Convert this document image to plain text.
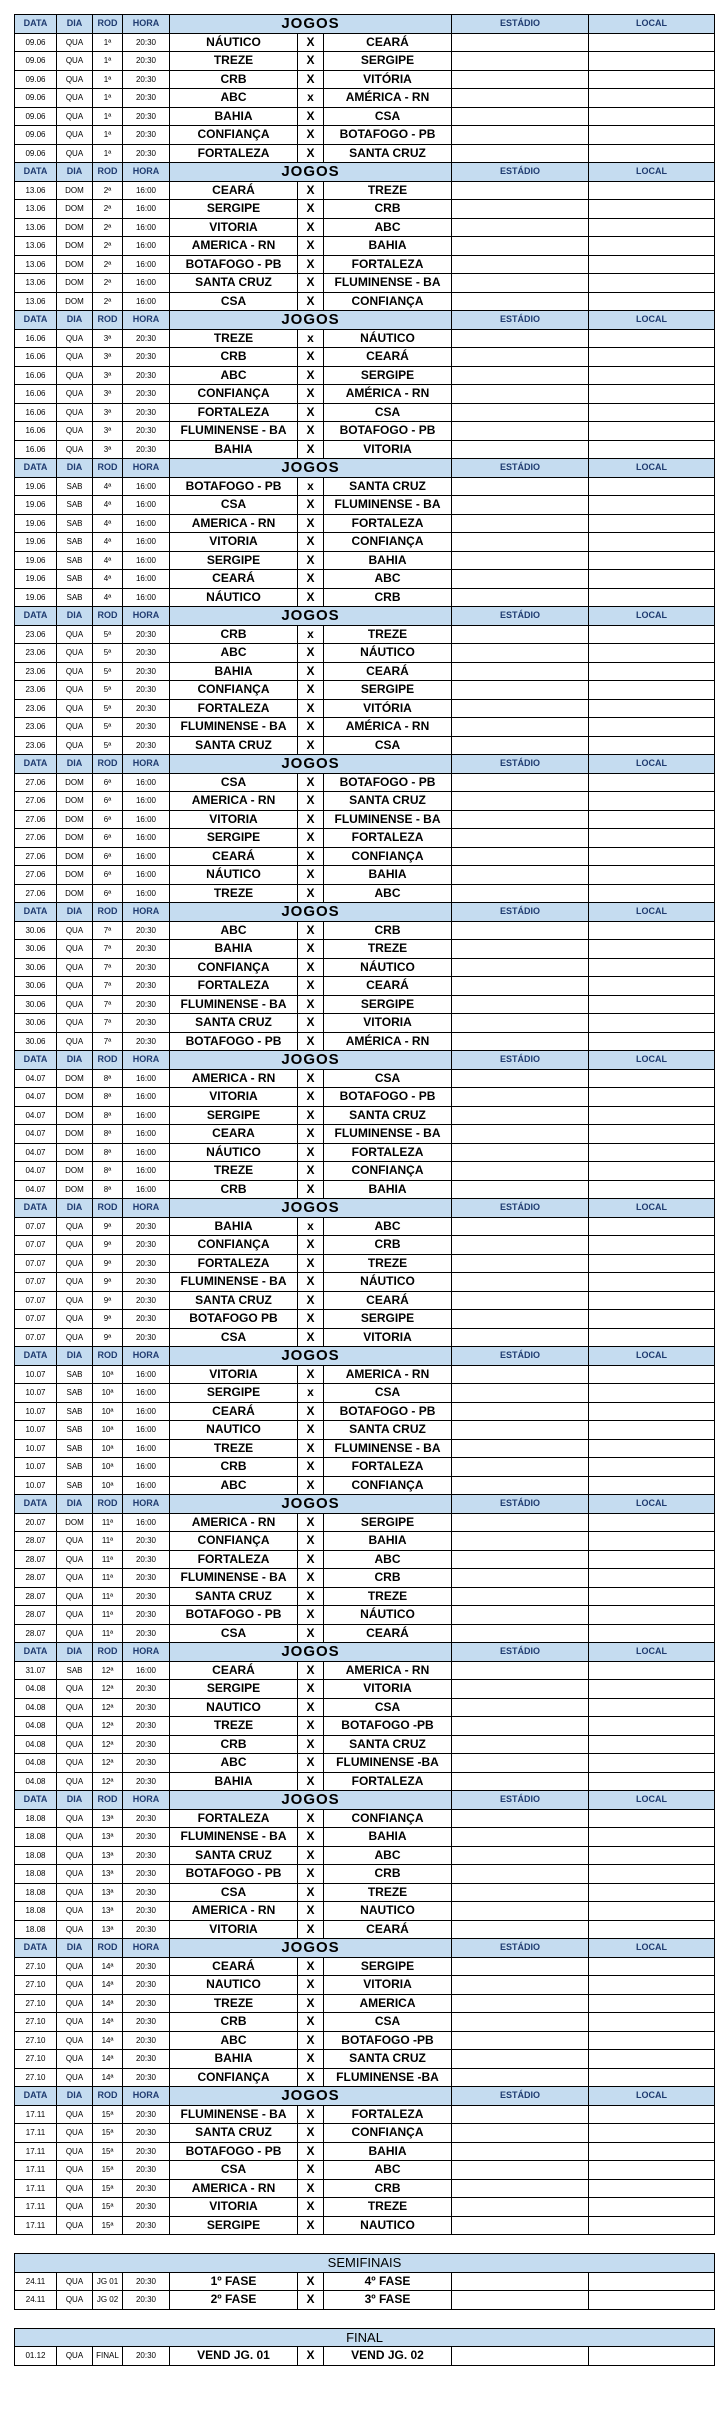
DATA	DIA	ROD	HORA	JOGOS			ESTÁDIO	LOCAL
09.06	QUA	1ª	20:30	NÁUTICO	X	CEARÁ		
09.06	QUA	1ª	20:30	TREZE	X	SERGIPE		
09.06	QUA	1ª	20:30	CRB	X	VITÓRIA		
09.06	QUA	1ª	20:30	ABC	x	AMÉRICA - RN		
09.06	QUA	1ª	20:30	BAHIA	X	CSA		
09.06	QUA	1ª	20:30	CONFIANÇA	X	BOTAFOGO - PB		
09.06	QUA	1ª	20:30	FORTALEZA	X	SANTA CRUZ		
DATA	DIA	ROD	HORA	JOGOS			ESTÁDIO	LOCAL
13.06	DOM	2ª	16:00	CEARÁ	X	TREZE		
13.06	DOM	2ª	16:00	SERGIPE	X	CRB		
13.06	DOM	2ª	16:00	VITORIA	X	ABC		
13.06	DOM	2ª	16:00	AMERICA - RN	X	BAHIA		
13.06	DOM	2ª	16:00	BOTAFOGO - PB	X	FORTALEZA		
13.06	DOM	2ª	16:00	SANTA CRUZ	X	FLUMINENSE - BA		
13.06	DOM	2ª	16:00	CSA	X	CONFIANÇA		
DATA	DIA	ROD	HORA	JOGOS			ESTÁDIO	LOCAL
16.06	QUA	3ª	20:30	TREZE	x	NÁUTICO		
16.06	QUA	3ª	20:30	CRB	X	CEARÁ		
16.06	QUA	3ª	20:30	ABC	X	SERGIPE		
16.06	QUA	3ª	20:30	CONFIANÇA	X	AMÉRICA - RN		
16.06	QUA	3ª	20:30	FORTALEZA	X	CSA		
16.06	QUA	3ª	20:30	FLUMINENSE - BA	X	BOTAFOGO - PB		
16.06	QUA	3ª	20:30	BAHIA	X	VITORIA		
DATA	DIA	ROD	HORA	JOGOS			ESTÁDIO	LOCAL
19.06	SAB	4ª	16:00	BOTAFOGO - PB	x	SANTA CRUZ		
19.06	SAB	4ª	16:00	CSA	X	FLUMINENSE - BA		
19.06	SAB	4ª	16:00	AMERICA - RN	X	FORTALEZA		
19.06	SAB	4ª	16:00	VITORIA	X	CONFIANÇA		
19.06	SAB	4ª	16:00	SERGIPE	X	BAHIA		
19.06	SAB	4ª	16:00	CEARÁ	X	ABC		
19.06	SAB	4ª	16:00	NÁUTICO	X	CRB		
DATA	DIA	ROD	HORA	JOGOS			ESTÁDIO	LOCAL
23.06	QUA	5ª	20:30	CRB	x	TREZE		
23.06	QUA	5ª	20:30	ABC	X	NÁUTICO		
23.06	QUA	5ª	20:30	BAHIA	X	CEARÁ		
23.06	QUA	5ª	20:30	CONFIANÇA	X	SERGIPE		
23.06	QUA	5ª	20:30	FORTALEZA	X	VITÓRIA		
23.06	QUA	5ª	20:30	FLUMINENSE - BA	X	AMÉRICA - RN		
23.06	QUA	5ª	20:30	SANTA CRUZ	X	CSA		
DATA	DIA	ROD	HORA	JOGOS			ESTÁDIO	LOCAL
27.06	DOM	6ª	16:00	CSA	X	BOTAFOGO - PB		
27.06	DOM	6ª	16:00	AMERICA - RN	X	SANTA CRUZ		
27.06	DOM	6ª	16:00	VITORIA	X	FLUMINENSE - BA		
27.06	DOM	6ª	16:00	SERGIPE	X	FORTALEZA		
27.06	DOM	6ª	16:00	CEARÁ	X	CONFIANÇA		
27.06	DOM	6ª	16:00	NÁUTICO	X	BAHIA		
27.06	DOM	6ª	16:00	TREZE	X	ABC		
DATA	DIA	ROD	HORA	JOGOS			ESTÁDIO	LOCAL
30.06	QUA	7ª	20:30	ABC	X	CRB		
30.06	QUA	7ª	20:30	BAHIA	X	TREZE		
30.06	QUA	7ª	20:30	CONFIANÇA	X	NÁUTICO		
30.06	QUA	7ª	20:30	FORTALEZA	X	CEARÁ		
30.06	QUA	7ª	20:30	FLUMINENSE - BA	X	SERGIPE		
30.06	QUA	7ª	20:30	SANTA CRUZ	X	VITORIA		
30.06	QUA	7ª	20:30	BOTAFOGO - PB	X	AMÉRICA - RN		
DATA	DIA	ROD	HORA	JOGOS			ESTÁDIO	LOCAL
04.07	DOM	8ª	16:00	AMERICA - RN	X	CSA		
04.07	DOM	8ª	16:00	VITORIA	X	BOTAFOGO - PB		
04.07	DOM	8ª	16:00	SERGIPE	X	SANTA CRUZ		
04.07	DOM	8ª	16:00	CEARA	X	FLUMINENSE - BA		
04.07	DOM	8ª	16:00	NÁUTICO	X	FORTALEZA		
04.07	DOM	8ª	16:00	TREZE	X	CONFIANÇA		
04.07	DOM	8ª	16:00	CRB	X	BAHIA		
DATA	DIA	ROD	HORA	JOGOS			ESTÁDIO	LOCAL
07.07	QUA	9ª	20:30	BAHIA	x	ABC		
07.07	QUA	9ª	20:30	CONFIANÇA	X	CRB		
07.07	QUA	9ª	20:30	FORTALEZA	X	TREZE		
07.07	QUA	9ª	20:30	FLUMINENSE - BA	X	NÁUTICO		
07.07	QUA	9ª	20:30	SANTA CRUZ	X	CEARÁ		
07.07	QUA	9ª	20:30	BOTAFOGO PB	X	SERGIPE		
07.07	QUA	9ª	20:30	CSA	X	VITORIA		
DATA	DIA	ROD	HORA	JOGOS			ESTÁDIO	LOCAL
10.07	SAB	10ª	16:00	VITORIA	X	AMERICA - RN		
10.07	SAB	10ª	16:00	SERGIPE	x	CSA		
10.07	SAB	10ª	16:00	CEARÁ	X	BOTAFOGO - PB		
10.07	SAB	10ª	16:00	NAUTICO	X	SANTA CRUZ		
10.07	SAB	10ª	16:00	TREZE	X	FLUMINENSE - BA		
10.07	SAB	10ª	16:00	CRB	X	FORTALEZA		
10.07	SAB	10ª	16:00	ABC	X	CONFIANÇA		
DATA	DIA	ROD	HORA	JOGOS			ESTÁDIO	LOCAL
20.07	DOM	11ª	16:00	AMERICA - RN	X	SERGIPE		
28.07	QUA	11ª	20:30	CONFIANÇA	X	BAHIA		
28.07	QUA	11ª	20:30	FORTALEZA	X	ABC		
28.07	QUA	11ª	20:30	FLUMINENSE - BA	X	CRB		
28.07	QUA	11ª	20:30	SANTA CRUZ	X	TREZE		
28.07	QUA	11ª	20:30	BOTAFOGO - PB	X	NÁUTICO		
28.07	QUA	11ª	20:30	CSA	X	CEARÁ		
DATA	DIA	ROD	HORA	JOGOS			ESTÁDIO	LOCAL
31.07	SAB	12ª	16:00	CEARÁ	X	AMERICA - RN		
04.08	QUA	12ª	20:30	SERGIPE	X	VITORIA		
04.08	QUA	12ª	20:30	NAUTICO	X	CSA		
04.08	QUA	12ª	20:30	TREZE	X	BOTAFOGO -PB		
04.08	QUA	12ª	20:30	CRB	X	SANTA CRUZ		
04.08	QUA	12ª	20:30	ABC	X	FLUMINENSE -BA		
04.08	QUA	12ª	20:30	BAHIA	X	FORTALEZA		
DATA	DIA	ROD	HORA	JOGOS			ESTÁDIO	LOCAL
18.08	QUA	13ª	20:30	FORTALEZA	X	CONFIANÇA		
18.08	QUA	13ª	20:30	FLUMINENSE - BA	X	BAHIA		
18.08	QUA	13ª	20:30	SANTA CRUZ	X	ABC		
18.08	QUA	13ª	20:30	BOTAFOGO - PB	X	CRB		
18.08	QUA	13ª	20:30	CSA	X	TREZE		
18.08	QUA	13ª	20:30	AMERICA - RN	X	NAUTICO		
18.08	QUA	13ª	20:30	VITORIA	X	CEARÁ		
DATA	DIA	ROD	HORA	JOGOS			ESTÁDIO	LOCAL
27.10	QUA	14ª	20:30	CEARÁ	X	SERGIPE		
27.10	QUA	14ª	20:30	NAUTICO	X	VITORIA		
27.10	QUA	14ª	20:30	TREZE	X	AMERICA		
27.10	QUA	14ª	20:30	CRB	X	CSA		
27.10	QUA	14ª	20:30	ABC	X	BOTAFOGO -PB		
27.10	QUA	14ª	20:30	BAHIA	X	SANTA CRUZ		
27.10	QUA	14ª	20:30	CONFIANÇA	X	FLUMINENSE -BA		
DATA	DIA	ROD	HORA	JOGOS			ESTÁDIO	LOCAL
17.11	QUA	15ª	20:30	FLUMINENSE - BA	X	FORTALEZA		
17.11	QUA	15ª	20:30	SANTA CRUZ	X	CONFIANÇA		
17.11	QUA	15ª	20:30	BOTAFOGO - PB	X	BAHIA		
17.11	QUA	15ª	20:30	CSA	X	ABC		
17.11	QUA	15ª	20:30	AMERICA - RN	X	CRB		
17.11	QUA	15ª	20:30	VITORIA	X	TREZE		
17.11	QUA	15ª	20:30	SERGIPE	X	NAUTICO		
SEMIFINAIS								
24.11	QUA	JG 01	20:30	1º FASE	X	4º FASE		
24.11	QUA	JG 02	20:30	2º FASE	X	3º FASE		
FINAL
01.12	QUA	FINAL	20:30	VEND JG. 01	X	VEND JG. 02		
